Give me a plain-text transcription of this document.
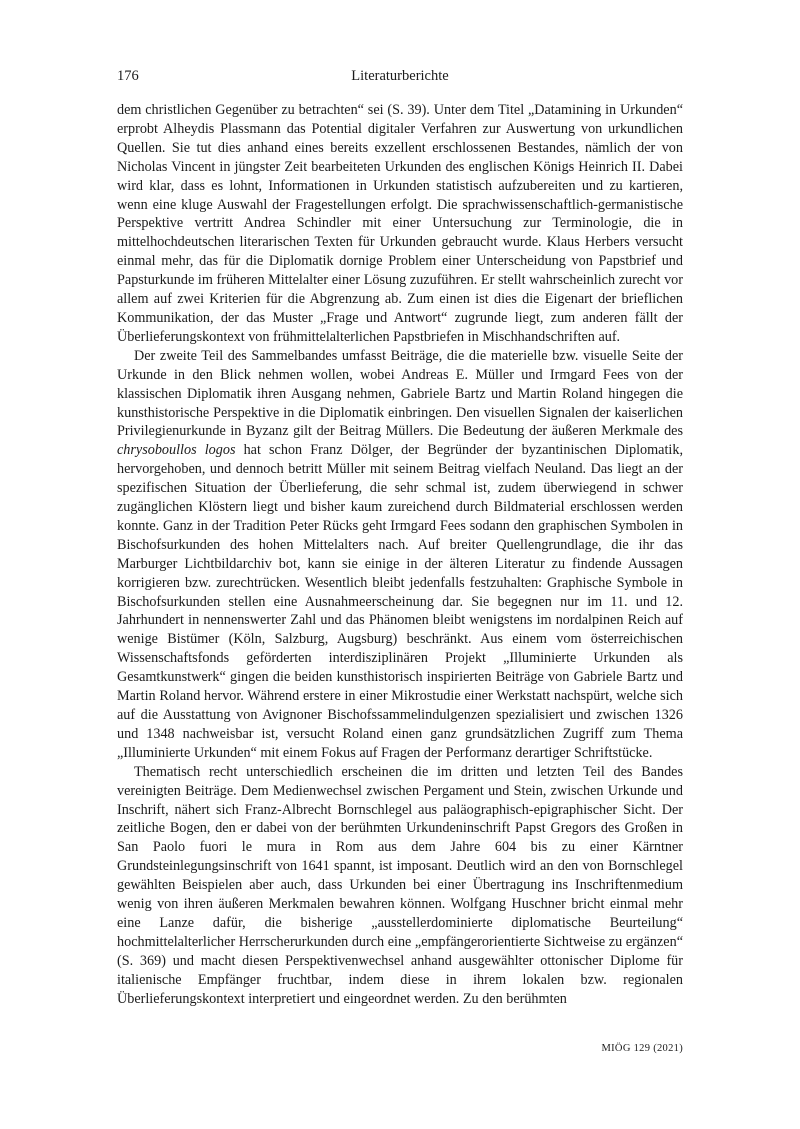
176	Literaturberichte

dem christlichen Gegenüber zu betrachten“ sei (S. 39). Unter dem Titel „Datamining in Urkunden“ erprobt Alheydis Plassmann das Potential digitaler Verfahren zur Auswertung von urkundlichen Quellen. Sie tut dies anhand eines bereits exzellent erschlossenen Bestandes, nämlich der von Nicholas Vincent in jüngster Zeit bearbeiteten Urkunden des englischen Königs Heinrich II. Dabei wird klar, dass es lohnt, Informationen in Urkunden statistisch aufzubereiten und zu kartieren, wenn eine kluge Auswahl der Fragestellungen erfolgt. Die sprachwissenschaftlich-germanistische Perspektive vertritt Andrea Schindler mit einer Untersuchung zur Terminologie, die in mittelhochdeutschen literarischen Texten für Urkunden gebraucht wurde. Klaus Herbers versucht einmal mehr, das für die Diplomatik dornige Problem einer Unterscheidung von Papstbrief und Papsturkunde im früheren Mittelalter einer Lösung zuzuführen. Er stellt wahrscheinlich zurecht vor allem auf zwei Kriterien für die Abgrenzung ab. Zum einen ist dies die Eigenart der brieflichen Kommunikation, der das Muster „Frage und Antwort“ zugrunde liegt, zum anderen fällt der Überlieferungskontext von frühmittelalterlichen Papstbriefen in Mischhandschriften auf.

Der zweite Teil des Sammelbandes umfasst Beiträge, die die materielle bzw. visuelle Seite der Urkunde in den Blick nehmen wollen, wobei Andreas E. Müller und Irmgard Fees von der klassischen Diplomatik ihren Ausgang nehmen, Gabriele Bartz und Martin Roland hingegen die kunsthistorische Perspektive in die Diplomatik einbringen. Den visuellen Signalen der kaiserlichen Privilegienurkunde in Byzanz gilt der Beitrag Müllers. Die Bedeutung der äußeren Merkmale des chrysoboullos logos hat schon Franz Dölger, der Begründer der byzantinischen Diplomatik, hervorgehoben, und dennoch betritt Müller mit seinem Beitrag vielfach Neuland. Das liegt an der spezifischen Situation der Überlieferung, die sehr schmal ist, zudem überwiegend in schwer zugänglichen Klöstern liegt und bisher kaum zureichend durch Bildmaterial erschlossen werden konnte. Ganz in der Tradition Peter Rücks geht Irmgard Fees sodann den graphischen Symbolen in Bischofsurkunden des hohen Mittelalters nach. Auf breiter Quellengrundlage, die ihr das Marburger Lichtbildarchiv bot, kann sie einige in der älteren Literatur zu findende Aussagen korrigieren bzw. zurechtrücken. Wesentlich bleibt jedenfalls festzuhalten: Graphische Symbole in Bischofsurkunden stellen eine Ausnahmeerscheinung dar. Sie begegnen nur im 11. und 12. Jahrhundert in nennenswerter Zahl und das Phänomen bleibt wenigstens im nordalpinen Reich auf wenige Bistümer (Köln, Salzburg, Augsburg) beschränkt. Aus einem vom österreichischen Wissenschaftsfonds geförderten interdisziplinären Projekt „Illuminierte Urkunden als Gesamtkunstwerk“ gingen die beiden kunsthistorisch inspirierten Beiträge von Gabriele Bartz und Martin Roland hervor. Während erstere in einer Mikrostudie einer Werkstatt nachspürt, welche sich auf die Ausstattung von Avignoner Bischofssammelindulgenzen spezialisiert und zwischen 1326 und 1348 nachweisbar ist, versucht Roland einen ganz grundsätzlichen Zugriff zum Thema „Illuminierte Urkunden“ mit einem Fokus auf Fragen der Performanz derartiger Schriftstücke.

Thematisch recht unterschiedlich erscheinen die im dritten und letzten Teil des Bandes vereinigten Beiträge. Dem Medienwechsel zwischen Pergament und Stein, zwischen Urkunde und Inschrift, nähert sich Franz-Albrecht Bornschlegel aus paläographisch-epigraphischer Sicht. Der zeitliche Bogen, den er dabei von der berühmten Urkundeninschrift Papst Gregors des Großen in San Paolo fuori le mura in Rom aus dem Jahre 604 bis zu einer Kärntner Grundsteinlegungsinschrift von 1641 spannt, ist imposant. Deutlich wird an den von Bornschlegel gewählten Beispielen aber auch, dass Urkunden bei einer Übertragung ins Inschriftenmedium wenig von ihren äußeren Merkmalen bewahren können. Wolfgang Huschner bricht einmal mehr eine Lanze dafür, die bisherige „ausstellerdominierte diplomatische Beurteilung“ hochmittelalterlicher Herrscherurkunden durch eine „empfängerorientierte Sichtweise zu ergänzen“ (S. 369) und macht diesen Perspektivenwechsel anhand ausgewählter ottonischer Diplome für italienische Empfänger fruchtbar, indem diese in ihrem lokalen bzw. regionalen Überlieferungskontext interpretiert und eingeordnet werden. Zu den berühmten

MIÖG 129 (2021)
